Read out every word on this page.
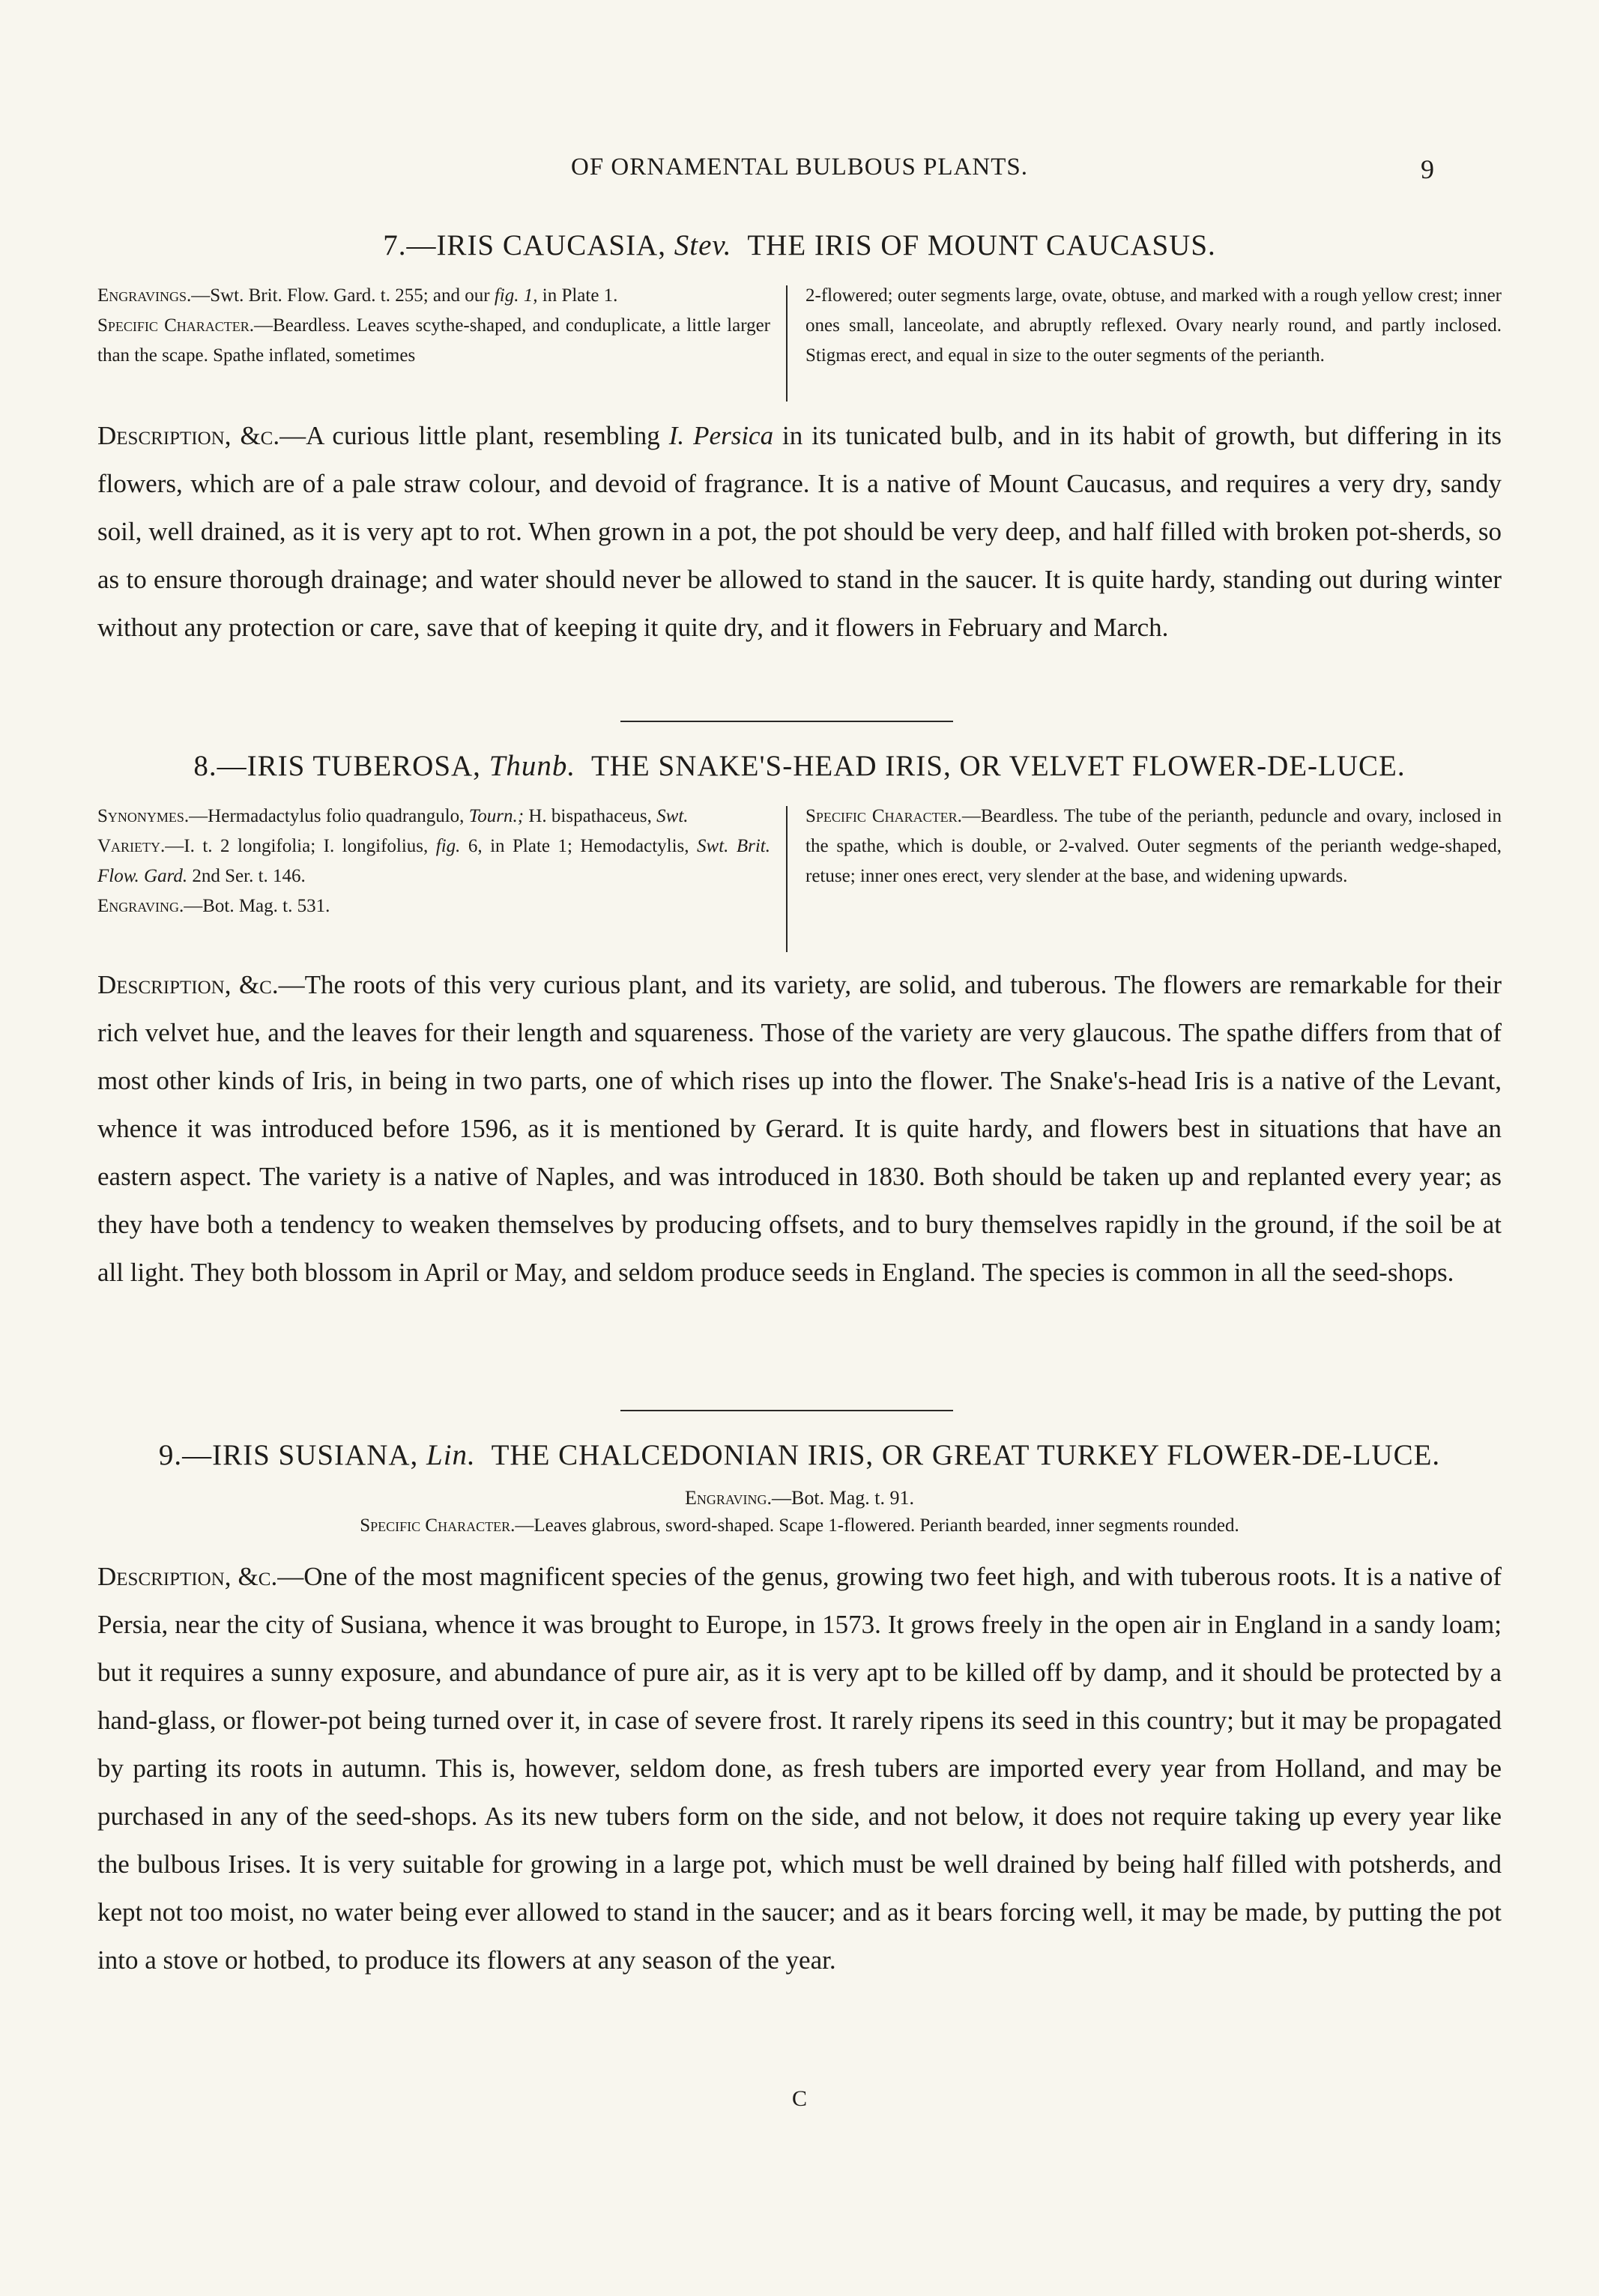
OF ORNAMENTAL BULBOUS PLANTS.	9
7.—IRIS CAUCASIA, Stev. THE IRIS OF MOUNT CAUCASUS.

Engravings.—Swt. Brit. Flow. Gard. t. 255; and our fig. 1, in Plate 1.

Specific Character.—Beardless. Leaves scythe-shaped, and conduplicate, a little larger than the scape. Spathe inflated, sometimes

2-flowered; outer segments large, ovate, obtuse, and marked with a rough yellow crest; inner ones small, lanceolate, and abruptly reflexed. Ovary nearly round, and partly inclosed. Stigmas erect, and equal in size to the outer segments of the perianth.

Description, &c.—A curious little plant, resembling I. Persica in its tunicated bulb, and in its habit of growth, but differing in its flowers, which are of a pale straw colour, and devoid of fragrance. It is a native of Mount Caucasus, and requires a very dry, sandy soil, well drained, as it is very apt to rot. When grown in a pot, the pot should be very deep, and half filled with broken pot-sherds, so as to ensure thorough drainage; and water should never be allowed to stand in the saucer. It is quite hardy, standing out during winter without any protection or care, save that of keeping it quite dry, and it flowers in February and March.
8.—IRIS TUBEROSA, Thunb. THE SNAKE'S-HEAD IRIS, OR VELVET FLOWER-DE-LUCE.

Synonymes.—Hermadactylus folio quadrangulo, Tourn.; H. bispathaceus, Swt.

Variety.—I. t. 2 longifolia; I. longifolius, fig. 6, in Plate 1; Hemodactylis, Swt. Brit. Flow. Gard. 2nd Ser. t. 146.

Engraving.—Bot. Mag. t. 531.

Specific Character.—Beardless. The tube of the perianth, peduncle and ovary, inclosed in the spathe, which is double, or 2-valved. Outer segments of the perianth wedge-shaped, retuse; inner ones erect, very slender at the base, and widening upwards.

Description, &c.—The roots of this very curious plant, and its variety, are solid, and tuberous. The flowers are remarkable for their rich velvet hue, and the leaves for their length and squareness. Those of the variety are very glaucous. The spathe differs from that of most other kinds of Iris, in being in two parts, one of which rises up into the flower. The Snake's-head Iris is a native of the Levant, whence it was introduced before 1596, as it is mentioned by Gerard. It is quite hardy, and flowers best in situations that have an eastern aspect. The variety is a native of Naples, and was introduced in 1830. Both should be taken up and replanted every year; as they have both a tendency to weaken themselves by producing offsets, and to bury themselves rapidly in the ground, if the soil be at all light. They both blossom in April or May, and seldom produce seeds in England. The species is common in all the seed-shops.
9.—IRIS SUSIANA, Lin. THE CHALCEDONIAN IRIS, OR GREAT TURKEY FLOWER-DE-LUCE.
Engraving.—Bot. Mag. t. 91.
Specific Character.—Leaves glabrous, sword-shaped. Scape 1-flowered. Perianth bearded, inner segments rounded.
Description, &c.—One of the most magnificent species of the genus, growing two feet high, and with tuberous roots. It is a native of Persia, near the city of Susiana, whence it was brought to Europe, in 1573. It grows freely in the open air in England in a sandy loam; but it requires a sunny exposure, and abundance of pure air, as it is very apt to be killed off by damp, and it should be protected by a hand-glass, or flower-pot being turned over it, in case of severe frost. It rarely ripens its seed in this country; but it may be propagated by parting its roots in autumn. This is, however, seldom done, as fresh tubers are imported every year from Holland, and may be purchased in any of the seed-shops. As its new tubers form on the side, and not below, it does not require taking up every year like the bulbous Irises. It is very suitable for growing in a large pot, which must be well drained by being half filled with potsherds, and kept not too moist, no water being ever allowed to stand in the saucer; and as it bears forcing well, it may be made, by putting the pot into a stove or hotbed, to produce its flowers at any season of the year.
C
